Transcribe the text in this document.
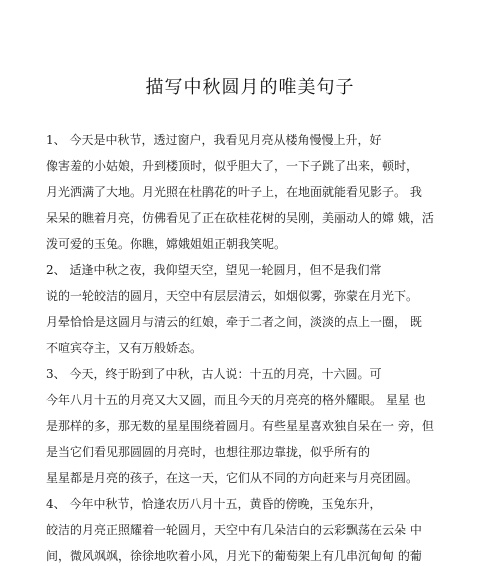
描写中秋圆月的唯美句子
1、 今天是中秋节，透过窗户，我看见月亮从楼角慢慢上升，好
像害羞的小姑娘，升到楼顶时，似乎胆大了，一下子跳了出来，顿时，
月光洒满了大地。月光照在杜鹃花的叶子上，在地面就能看见影子。 我
呆呆的瞧着月亮，仿佛看见了正在砍桂花树的吴刚，美丽动人的嫦 娥，活
泼可爱的玉兔。你瞧，嫦娥姐姐正朝我笑呢。
2、 适逢中秋之夜，我仰望天空，望见一轮圆月，但不是我们常
说的一轮皎洁的圆月，天空中有层层清云，如烟似雾，弥蒙在月光下。
月晕恰恰是这圆月与清云的红娘，牵于二者之间，淡淡的点上一圈， 既
不喧宾夺主，又有万般娇态。
3、 今天，终于盼到了中秋，古人说：十五的月亮，十六圆。可
今年八月十五的月亮又大又圆，而且今天的月亮亮的格外耀眼。 星星 也
是那样的多，那无数的星星围绕着圆月。有些星星喜欢独自呆在一 旁，但
是当它们看见那圆圆的月亮时，也想往那边靠拢，似乎所有的
星星都是月亮的孩子，在这一天，它们从不同的方向赶来与月亮团圆。
4、 今年中秋节，恰逢农历八月十五，黄昏的傍晚，玉兔东升，
皎洁的月亮正照耀着一轮圆月，天空中有几朵洁白的云彩飘荡在云朵 中
间，微风飒飒，徐徐地吹着小风，月光下的葡萄架上有几串沉甸甸 的葡
